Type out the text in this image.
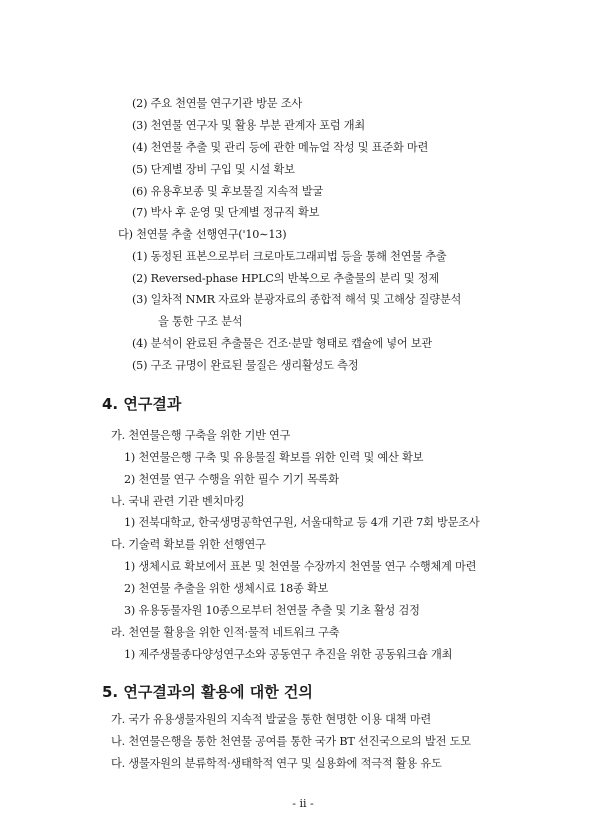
(2) 주요 천연물 연구기관 방문 조사
(3) 천연물 연구자 및 활용 부분 관계자 포럼 개최
(4) 천연물 추출 및 관리 등에 관한 메뉴얼 작성 및 표준화 마련
(5) 단계별 장비 구입 및 시설 확보
(6) 유용후보종 및 후보물질 지속적 발굴
(7) 박사 후 운영 및 단계별 정규직 확보
다) 천연물 추출 선행연구('10∼13)
(1) 동정된 표본으로부터 크로마토그래피법 등을 통해 천연물 추출
(2) Reversed-phase HPLC의 반복으로 추출물의 분리 및 정제
(3) 일차적 NMR 자료와 분광자료의 종합적 해석 및 고해상 질량분석
을 통한 구조 분석
(4) 분석이 완료된 추출물은 건조·분말 형태로 캡슐에 넣어 보관
(5) 구조 규명이 완료된 물질은 생리활성도 측정
4. 연구결과
가. 천연물은행 구축을 위한 기반 연구
1) 천연물은행 구축 및 유용물질 확보를 위한 인력 및 예산 확보
2) 천연물 연구 수행을 위한 필수 기기 목록화
나. 국내 관련 기관 벤치마킹
1) 전북대학교, 한국생명공학연구원, 서울대학교 등 4개 기관 7회 방문조사
다. 기술력 확보를 위한 선행연구
1) 생체시료 확보에서 표본 및 천연물 수장까지 천연물 연구 수행체계 마련
2) 천연물 추출을 위한 생체시료 18종 확보
3) 유용동물자원 10종으로부터 천연물 추출 및 기초 활성 검정
라. 천연물 활용을 위한 인적·물적 네트워크 구축
1) 제주생물종다양성연구소와 공동연구 추진을 위한 공동워크숍 개최
5. 연구결과의 활용에 대한 건의
가. 국가 유용생물자원의 지속적 발굴을 통한 현명한 이용 대책 마련
나. 천연물은행을 통한 천연물 공여를 통한 국가 BT 선진국으로의 발전 도모
다. 생물자원의 분류학적·생태학적 연구 및 실용화에 적극적 활용 유도
- ii -
